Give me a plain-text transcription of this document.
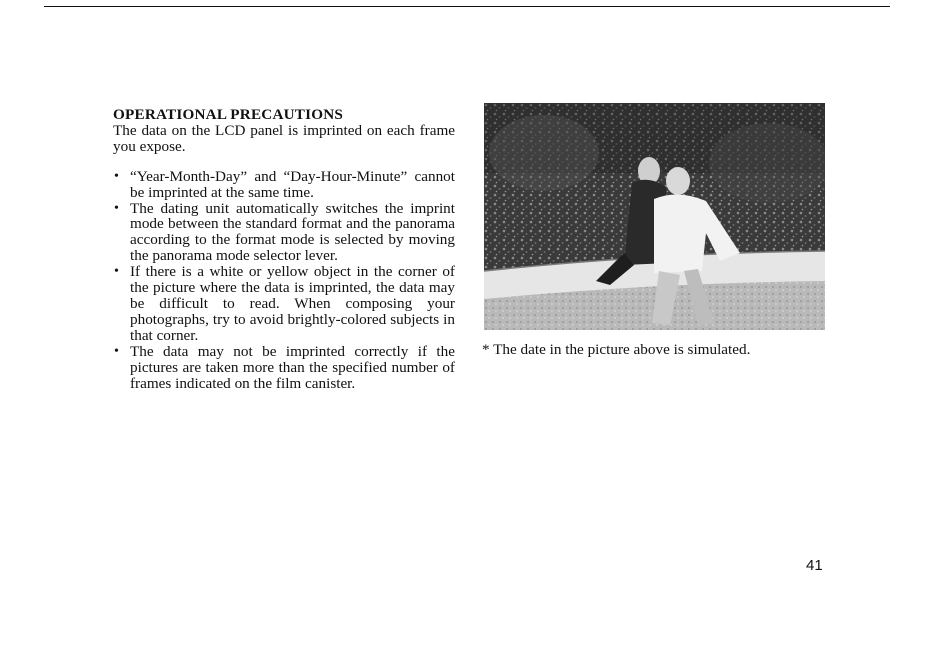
OPERATIONAL PRECAUTIONS

The data on the LCD panel is imprinted on each frame you expose.

• “Year-Month-Day” and “Day-Hour-Minute” cannot be imprinted at the same time.
• The dating unit automatically switches the imprint mode between the standard format and the panorama according to the format mode is selected by moving the panorama mode selector lever.
• If there is a white or yellow object in the corner of the picture where the data is imprinted, the data may be difficult to read. When composing your photographs, try to avoid brightly-colored subjects in that corner.
• The data may not be imprinted correctly if the pictures are taken more than the specified number of frames indicated on the film canister.
* The date in the picture above is simulated.
41
